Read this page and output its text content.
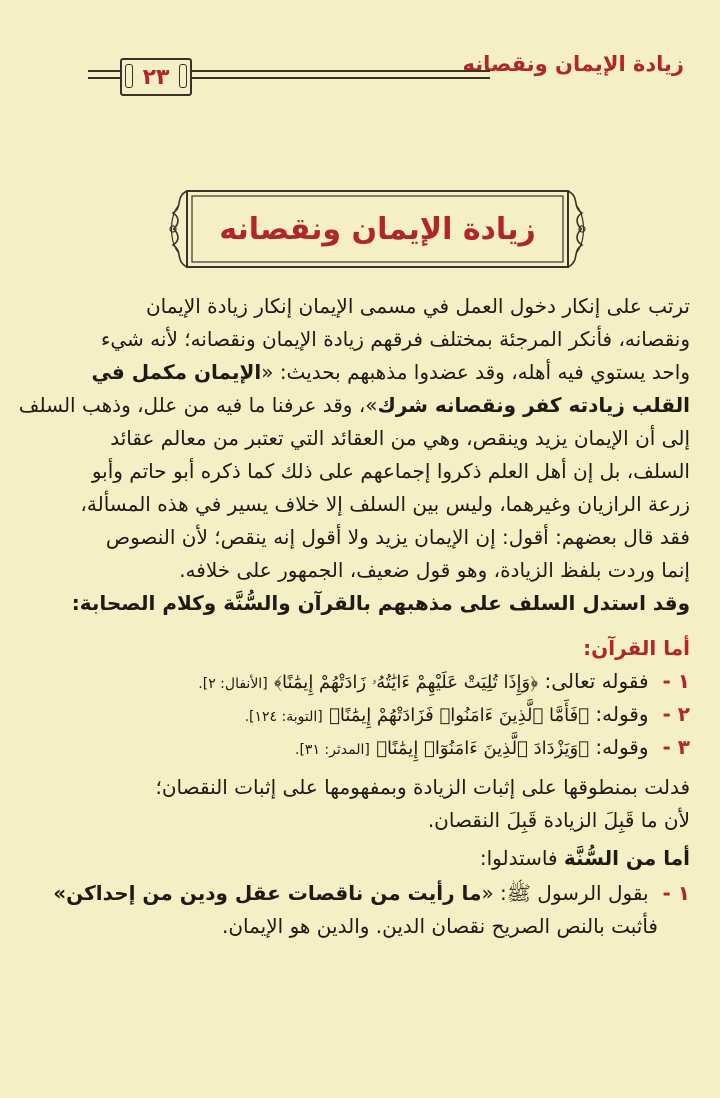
زيادة الإيمان ونقصانه
٢٣
زيادة الإيمان ونقصانه
ترتب على إنكار دخول العمل في مسمى الإيمان إنكار زيادة الإيمان
ونقصانه، فأنكر المرجئة بمختلف فرقهم زيادة الإيمان ونقصانه؛ لأنه شيء
واحد يستوي فيه أهله، وقد عضدوا مذهبهم بحديث: «الإيمان مكمل في
القلب زيادته كفر ونقصانه شرك»، وقد عرفنا ما فيه من علل، وذهب السلف
إلى أن الإيمان يزيد وينقص، وهي من العقائد التي تعتبر من معالم عقائد
السلف، بل إن أهل العلم ذكروا إجماعهم على ذلك كما ذكره أبو حاتم وأبو
زرعة الرازيان وغيرهما، وليس بين السلف إلا خلاف يسير في هذه المسألة،
فقد قال بعضهم: أقول: إن الإيمان يزيد ولا أقول إنه ينقص؛ لأن النصوص
إنما وردت بلفظ الزيادة، وهو قول ضعيف، الجمهور على خلافه.
وقد استدل السلف على مذهبهم بالقرآن والسُّنَّة وكلام الصحابة:
أما القرآن:
١ -فقوله تعالى: ﴿وَإِذَا تُلِيَتْ عَلَيْهِمْ ءَايَٰتُهُۥ زَادَتْهُمْ إِيمَٰنًا﴾ [الأنفال: ٢].
٢ -وقوله: ﴿فَأَمَّا ٱلَّذِينَ ءَامَنُوا۟ فَزَادَتْهُمْ إِيمَٰنًا﴾ [التوبة: ١٢٤].
٣ -وقوله: ﴿وَيَزْدَادَ ٱلَّذِينَ ءَامَنُوٓا۟ إِيمَٰنًا﴾ [المدثر: ٣١].
فدلت بمنطوقها على إثبات الزيادة وبمفهومها على إثبات النقصان؛
لأن ما قَبِلَ الزيادة قَبِلَ النقصان.
أما من السُّنَّة فاستدلوا:
١ -بقول الرسول ﷺ: «ما رأيت من ناقصات عقل ودين من إحداكن»
فأثبت بالنص الصريح نقصان الدين. والدين هو الإيمان.
